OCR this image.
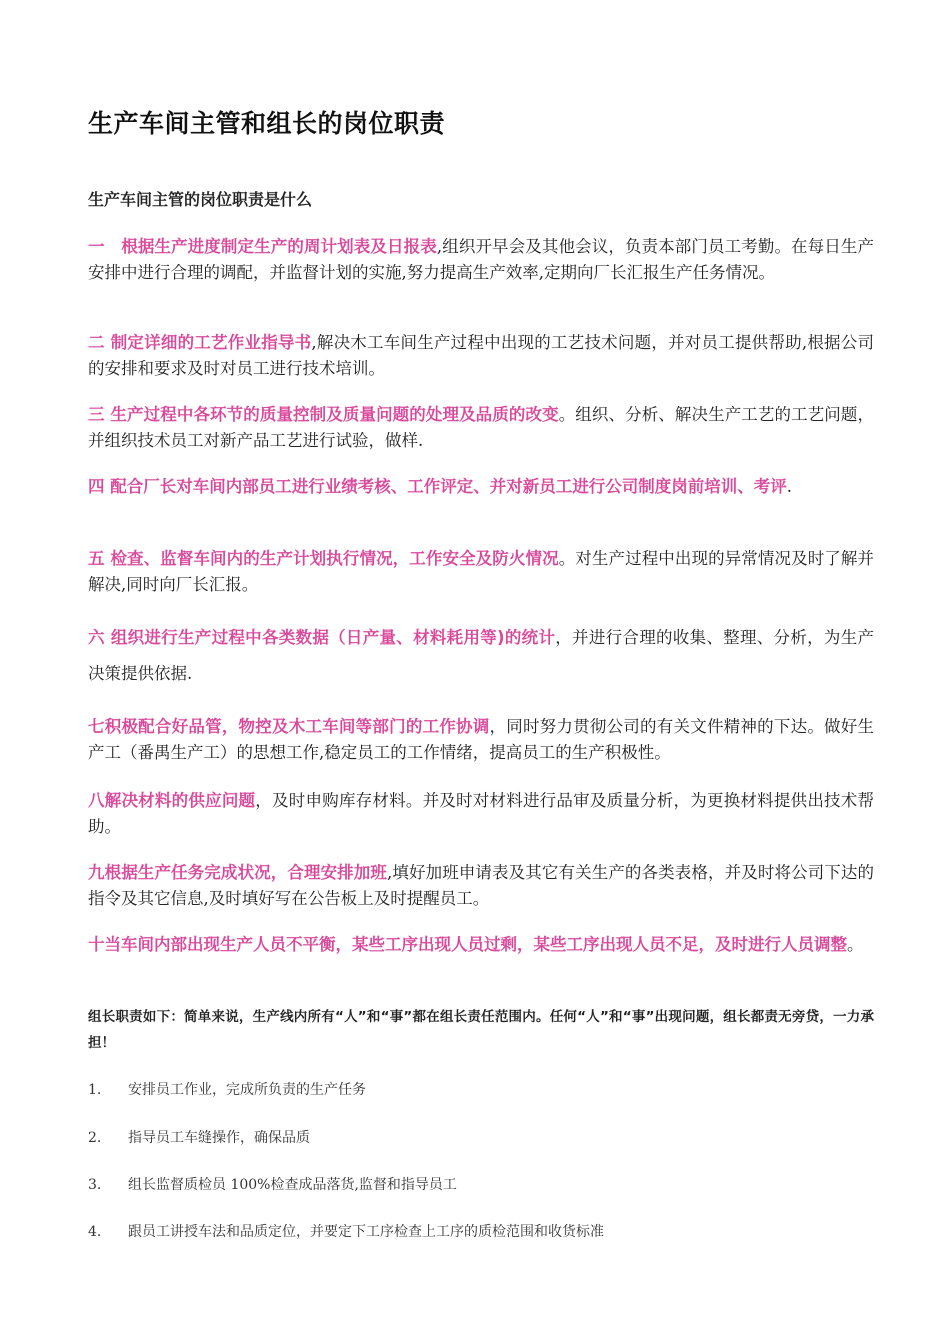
生产车间主管和组长的岗位职责
生产车间主管的岗位职责是什么
一　根据生产进度制定生产的周计划表及日报表,组织开早会及其他会议，负责本部门员工考勤。在每日生产安排中进行合理的调配，并监督计划的实施,努力提高生产效率,定期向厂长汇报生产任务情况。
二 制定详细的工艺作业指导书,解决木工车间生产过程中出现的工艺技术问题，并对员工提供帮助,根据公司的安排和要求及时对员工进行技术培训。
三 生产过程中各环节的质量控制及质量问题的处理及品质的改变。组织、分析、解决生产工艺的工艺问题，并组织技术员工对新产品工艺进行试验，做样.
四 配合厂长对车间内部员工进行业绩考核、工作评定、并对新员工进行公司制度岗前培训、考评.
五 检查、监督车间内的生产计划执行情况，工作安全及防火情况。对生产过程中出现的异常情况及时了解并解决,同时向厂长汇报。
六 组织进行生产过程中各类数据（日产量、材料耗用等)的统计，并进行合理的收集、整理、分析，为生产决策提供依据.
七积极配合好品管，物控及木工车间等部门的工作协调，同时努力贯彻公司的有关文件精神的下达。做好生产工（番禺生产工）的思想工作,稳定员工的工作情绪，提高员工的生产积极性。
八解决材料的供应问题，及时申购库存材料。并及时对材料进行品审及质量分析，为更换材料提供出技术帮助。
九根据生产任务完成状况，合理安排加班,填好加班申请表及其它有关生产的各类表格，并及时将公司下达的指令及其它信息,及时填好写在公告板上及时提醒员工。
十当车间内部出现生产人员不平衡，某些工序出现人员过剩，某些工序出现人员不足，及时进行人员调整。
组长职责如下：简单来说，生产线内所有“人”和“事”都在组长责任范围内。任何“人”和“事”出现问题，组长都责无旁贷，一力承担！
1. 安排员工作业，完成所负责的生产任务
2. 指导员工车缝操作，确保品质
3. 组长监督质检员 100%检查成品落货,监督和指导员工
4. 跟员工讲授车法和品质定位，并要定下工序检查上工序的质检范围和收货标准
